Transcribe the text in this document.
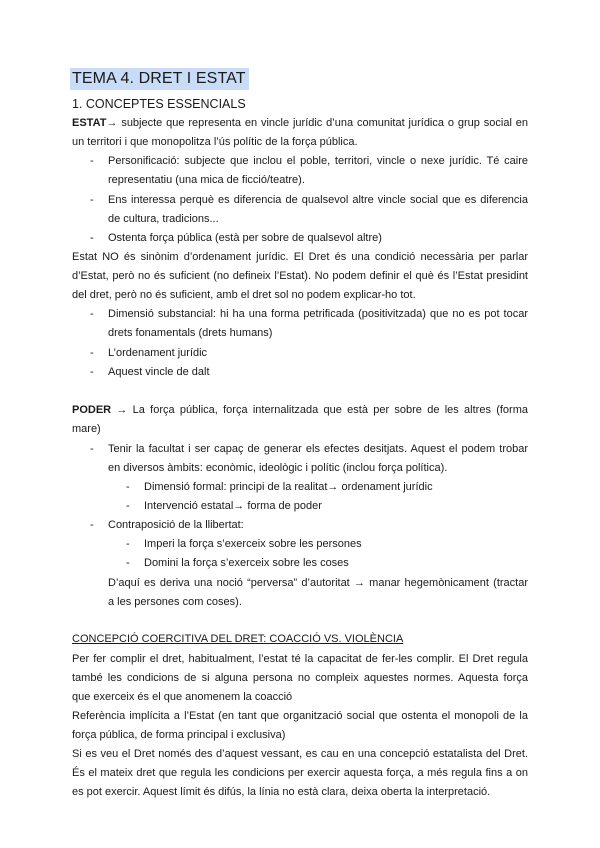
TEMA 4. DRET I ESTAT
1. CONCEPTES ESSENCIALS
ESTAT→ subjecte que representa en vincle jurídic d’una comunitat jurídica o grup social en
un territori i que monopolitza l’ús polític de la força pública.
- Personificació: subjecte que inclou el poble, territori, vincle o nexe jurídic. Té caire
representatiu (una mica de ficció/teatre).
- Ens interessa perquè es diferencia de qualsevol altre vincle social que es diferencia
de cultura, tradicions...
- Ostenta força pública (està per sobre de qualsevol altre)
Estat NO és sinònim d’ordenament jurídic. El Dret és una condició necessària per parlar
d’Estat, però no és suficient (no defineix l’Estat). No podem definir el què és l’Estat presidint
del dret, però no és suficient, amb el dret sol no podem explicar-ho tot.
- Dimensió substancial: hi ha una forma petrificada (positivitzada) que no es pot tocar
drets fonamentals (drets humans)
- L’ordenament jurídic
- Aquest vincle de dalt
PODER → La força pública, força internalitzada que està per sobre de les altres (forma
mare)
- Tenir la facultat i ser capaç de generar els efectes desitjats. Aquest el podem trobar
en diversos àmbits: econòmic, ideològic i polític (inclou força política).
- Dimensió formal: principi de la realitat→ ordenament jurídic
- Intervenció estatal→ forma de poder
- Contraposició de la llibertat:
- Imperi la força s’exerceix sobre les persones
- Domini la força s’exerceix sobre les coses
D’aquí es deriva una noció “perversa” d’autoritat → manar hegemònicament (tractar
a les persones com coses).
CONCEPCIÓ COERCITIVA DEL DRET: COACCIÓ VS. VIOLÈNCIA
Per fer complir el dret, habitualment, l’estat té la capacitat de fer-les complir. El Dret regula
també les condicions de si alguna persona no compleix aquestes normes. Aquesta força
que exerceix és el que anomenem la coacció
Referència implícita a l’Estat (en tant que organització social que ostenta el monopoli de la
força pública, de forma principal i exclusiva)
Si es veu el Dret només des d’aquest vessant, es cau en una concepció estatalista del Dret.
És el mateix dret que regula les condicions per exercir aquesta força, a més regula fins a on
es pot exercir. Aquest límit és difús, la línia no està clara, deixa oberta la interpretació.
